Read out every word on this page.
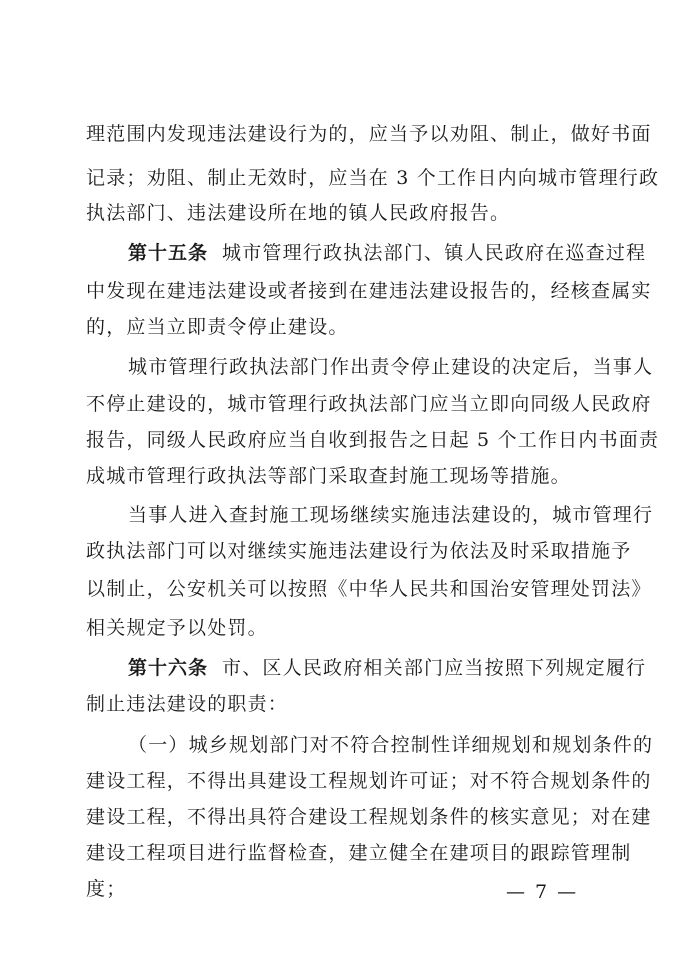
理范围内发现违法建设行为的，应当予以劝阻、制止，做好书面
记录；劝阻、制止无效时，应当在 3 个工作日内向城市管理行政
执法部门、违法建设所在地的镇人民政府报告。
第十五条 城市管理行政执法部门、镇人民政府在巡查过程
中发现在建违法建设或者接到在建违法建设报告的，经核查属实
的，应当立即责令停止建设。
城市管理行政执法部门作出责令停止建设的决定后，当事人
不停止建设的，城市管理行政执法部门应当立即向同级人民政府
报告，同级人民政府应当自收到报告之日起 5 个工作日内书面责
成城市管理行政执法等部门采取查封施工现场等措施。
当事人进入查封施工现场继续实施违法建设的，城市管理行
政执法部门可以对继续实施违法建设行为依法及时采取措施予
以制止，公安机关可以按照《中华人民共和国治安管理处罚法》
相关规定予以处罚。
第十六条 市、区人民政府相关部门应当按照下列规定履行
制止违法建设的职责：
（一）城乡规划部门对不符合控制性详细规划和规划条件的
建设工程，不得出具建设工程规划许可证；对不符合规划条件的
建设工程，不得出具符合建设工程规划条件的核实意见；对在建
建设工程项目进行监督检查，建立健全在建项目的跟踪管理制
度；	— 7 —
